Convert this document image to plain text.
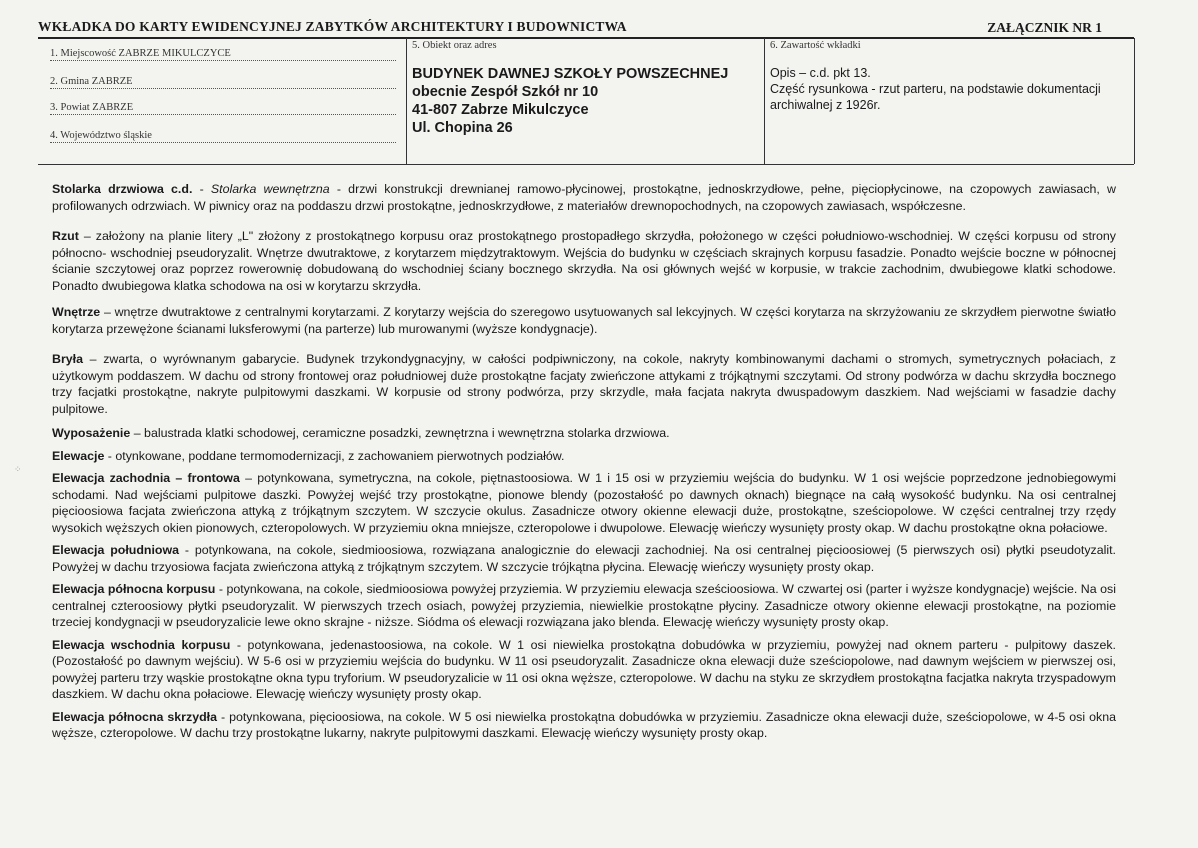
WKŁADKA DO KARTY EWIDENCYJNEJ ZABYTKÓW ARCHITEKTURY I BUDOWNICTWA	ZAŁĄCZNIK NR 1
1. Miejscowość ZABRZE MIKULCZYCE
2. Gmina ZABRZE
3. Powiat ZABRZE
4. Województwo śląskie
5. Obiekt oraz adres
BUDYNEK DAWNEJ SZKOŁY POWSZECHNEJ
obecnie Zespół Szkół nr 10
41-807 Zabrze Mikulczyce
Ul. Chopina 26
6. Zawartość wkładki
Opis – c.d. pkt 13.
Część rysunkowa - rzut parteru, na podstawie dokumentacji archiwalnej z 1926r.

Stolarka drzwiowa c.d. - Stolarka wewnętrzna - drzwi konstrukcji drewnianej ramowo-płycinowej, prostokątne, jednoskrzydłowe, pełne, pięciopłycinowe, na czopowych zawiasach, w profilowanych odrzwiach. W piwnicy oraz na poddaszu drzwi prostokątne, jednoskrzydłowe, z materiałów drewnopochodnych, na czopowych zawiasach, współczesne.

Rzut – założony na planie litery „L" złożony z prostokątnego korpusu oraz prostokątnego prostopadłego skrzydła, położonego w części południowo-wschodniej. W części korpusu od strony północno- wschodniej pseudoryzalit. Wnętrze dwutraktowe, z korytarzem międzytraktowym. Wejścia do budynku w częściach skrajnych korpusu fasadzie. Ponadto wejście boczne w północnej ścianie szczytowej oraz poprzez rowerownię dobudowaną do wschodniej ściany bocznego skrzydła. Na osi głównych wejść w korpusie, w trakcie zachodnim, dwubiegowe klatki schodowe. Ponadto dwubiegowa klatka schodowa na osi w korytarzu skrzydła.

Wnętrze – wnętrze dwutraktowe z centralnymi korytarzami. Z korytarzy wejścia do szeregowo usytuowanych sal lekcyjnych. W części korytarza na skrzyżowaniu ze skrzydłem pierwotne światło korytarza przewężone ścianami luksferowymi (na parterze) lub murowanymi (wyższe kondygnacje).

Bryła – zwarta, o wyrównanym gabarycie. Budynek trzykondygnacyjny, w całości podpiwniczony, na cokole, nakryty kombinowanymi dachami o stromych, symetrycznych połaciach, z użytkowym poddaszem. W dachu od strony frontowej oraz południowej duże prostokątne facjaty zwieńczone attykami z trójkątnymi szczytami. Od strony podwórza w dachu skrzydła bocznego trzy facjatki prostokątne, nakryte pulpitowymi daszkami. W korpusie od strony podwórza, przy skrzydle, mała facjata nakryta dwuspadowym daszkiem. Nad wejściami w fasadzie dachy pulpitowe.

Wyposażenie – balustrada klatki schodowej, ceramiczne posadzki, zewnętrzna i wewnętrzna stolarka drzwiowa.

Elewacje - otynkowane, poddane termomodernizacji, z zachowaniem pierwotnych podziałów.

Elewacja zachodnia – frontowa – potynkowana, symetryczna, na cokole, piętnastoosiowa. W 1 i 15 osi w przyziemiu wejścia do budynku. W 1 osi wejście poprzedzone jednobiegowymi schodami. Nad wejściami pulpitowe daszki. Powyżej wejść trzy prostokątne, pionowe blendy (pozostałość po dawnych oknach) biegnące na całą wysokość budynku. Na osi centralnej pięcioosiowa facjata zwieńczona attyką z trójkątnym szczytem. W szczycie okulus. Zasadnicze otwory okienne elewacji duże, prostokątne, sześciopolowe. W części centralnej trzy rzędy wysokich węższych okien pionowych, czteropolowych. W przyziemiu okna mniejsze, czteropolowe i dwupolowe. Elewację wieńczy wysunięty prosty okap. W dachu prostokątne okna połaciowe.

Elewacja południowa - potynkowana, na cokole, siedmioosiowa, rozwiązana analogicznie do elewacji zachodniej. Na osi centralnej pięcioosiowej (5 pierwszych osi) płytki pseudotyzalit. Powyżej w dachu trzyosiowa facjata zwieńczona attyką z trójkątnym szczytem. W szczycie trójkątna płycina. Elewację wieńczy wysunięty prosty okap.

Elewacja północna korpusu - potynkowana, na cokole, siedmioosiowa powyżej przyziemia. W przyziemiu elewacja sześcioosiowa. W czwartej osi (parter i wyższe kondygnacje) wejście. Na osi centralnej czteroosiowy płytki pseudoryzalit. W pierwszych trzech osiach, powyżej przyziemia, niewielkie prostokątne płyciny. Zasadnicze otwory okienne elewacji prostokątne, na poziomie trzeciej kondygnacji w pseudoryzalicie lewe okno skrajne - niższe. Siódma oś elewacji rozwiązana jako blenda. Elewację wieńczy wysunięty prosty okap.

Elewacja wschodnia korpusu - potynkowana, jedenastoosiowa, na cokole. W 1 osi niewielka prostokątna dobudówka w przyziemiu, powyżej nad oknem parteru - pulpitowy daszek. (Pozostałość po dawnym wejściu). W 5-6 osi w przyziemiu wejścia do budynku. W 11 osi pseudoryzalit. Zasadnicze okna elewacji duże sześciopolowe, nad dawnym wejściem w pierwszej osi, powyżej parteru trzy wąskie prostokątne okna typu tryforium. W pseudoryzalicie w 11 osi okna węższe, czteropolowe. W dachu na styku ze skrzydłem prostokątna facjatka nakryta trzyspadowym daszkiem. W dachu okna połaciowe. Elewację wieńczy wysunięty prosty okap.

Elewacja północna skrzydła - potynkowana, pięcioosiowa, na cokole. W 5 osi niewielka prostokątna dobudówka w przyziemiu. Zasadnicze okna elewacji duże, sześciopolowe, w 4-5 osi okna węższe, czteropolowe. W dachu trzy prostokątne lukarny, nakryte pulpitowymi daszkami. Elewację wieńczy wysunięty prosty okap.

⁘
